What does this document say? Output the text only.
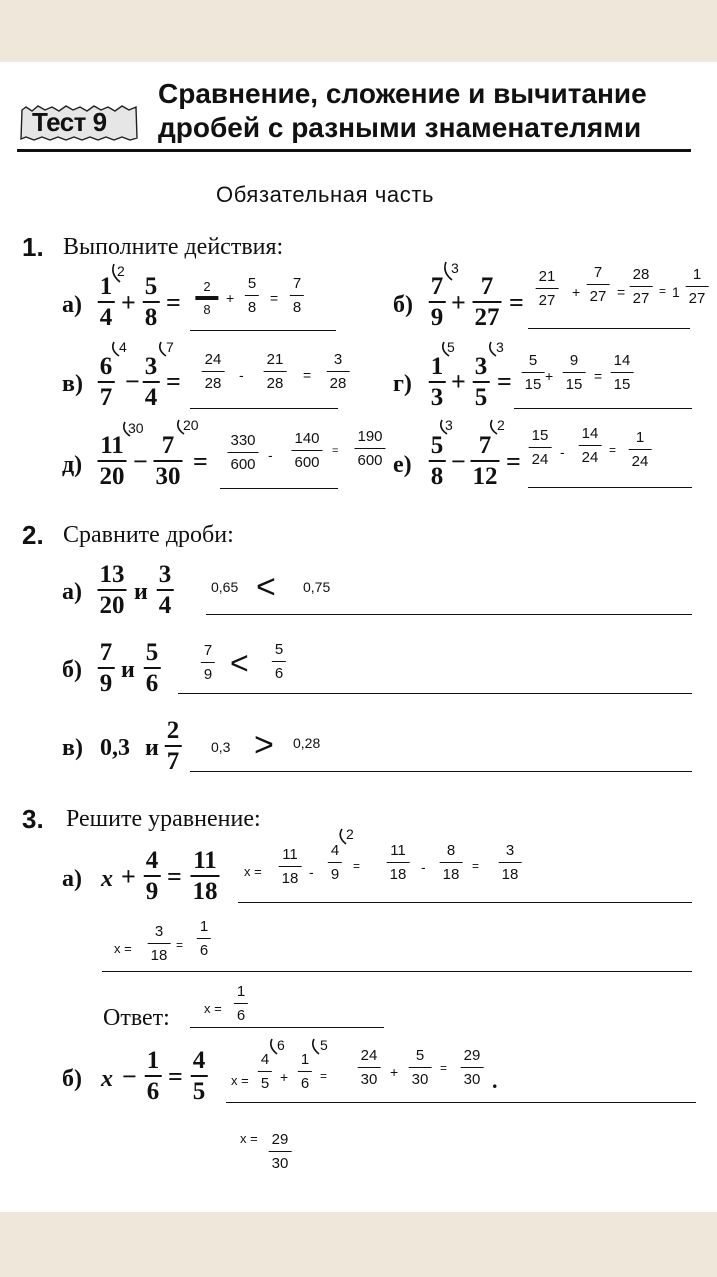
Тест 9
Сравнение, сложение и вычитание
дробей с разными знаменателями
Обязательная часть
1. Выполните действия:
а)
1
4
2
+
5
8
=
2
8
+
5
8
=
7
8	б)
7
9
3
+
7
27
=
21
27 +
7
27 =
28
27 = 1
1
27
в)
6
7
4
−
3
4
7
=
24
28 -
21
28 =
3
28 г)
1
3
5
+
3
5
3
=
5
15 +
9
15 =
14
15
д)
11
20
30
−
7
30
20
=
330
600
-
140
600
=
190
600 е)
5
8
3
−
7
12
2
=
15
24 -
14
24 =
1
24
2. Сравните дроби:
а)
13
20 и
3
4
0,65 < 0,75
б)
7
9 и
5
6
7
9 < 5
6
в) 0,3 и
2
7
0,3 > 0,28
3. Решите уравнение:
а) x +
4
9
=
11
18
x =
11
18 -
4
9
2
=
11
18 -
8
18 =
3
18
x =
3
18
=
1
6
Ответ:	x =
1
6
б) x −
1
6
=
4
5 x =
4
5
6
+
1
6
5
=
24
30 +
5
30
=
29
30 .
x = 29
30
